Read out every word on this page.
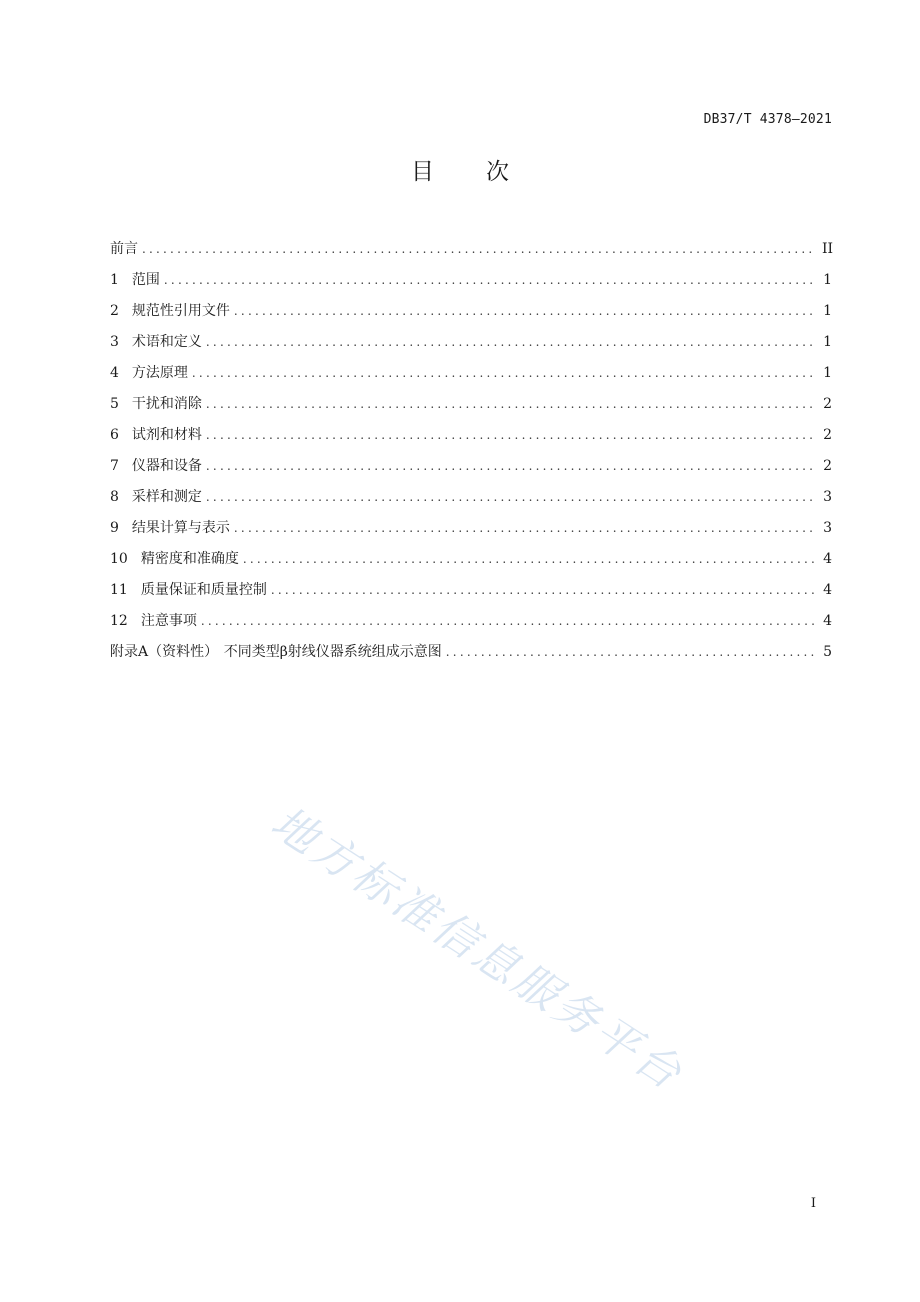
DB37/T 4378—2021
目次
前言 .....	II
1 范围 .....	1
2 规范性引用文件 .....	1
3 术语和定义 .....	1
4 方法原理 .....	1
5 干扰和消除 .....	2
6 试剂和材料 .....	2
7 仪器和设备 .....	2
8 采样和测定 .....	3
9 结果计算与表示 .....	3
10 精密度和准确度 .....	4
11 质量保证和质量控制 .....	4
12 注意事项 .....	4
附录A（资料性） 不同类型β射线仪器系统组成示意图 .....	5
地方标准信息服务平台
I
